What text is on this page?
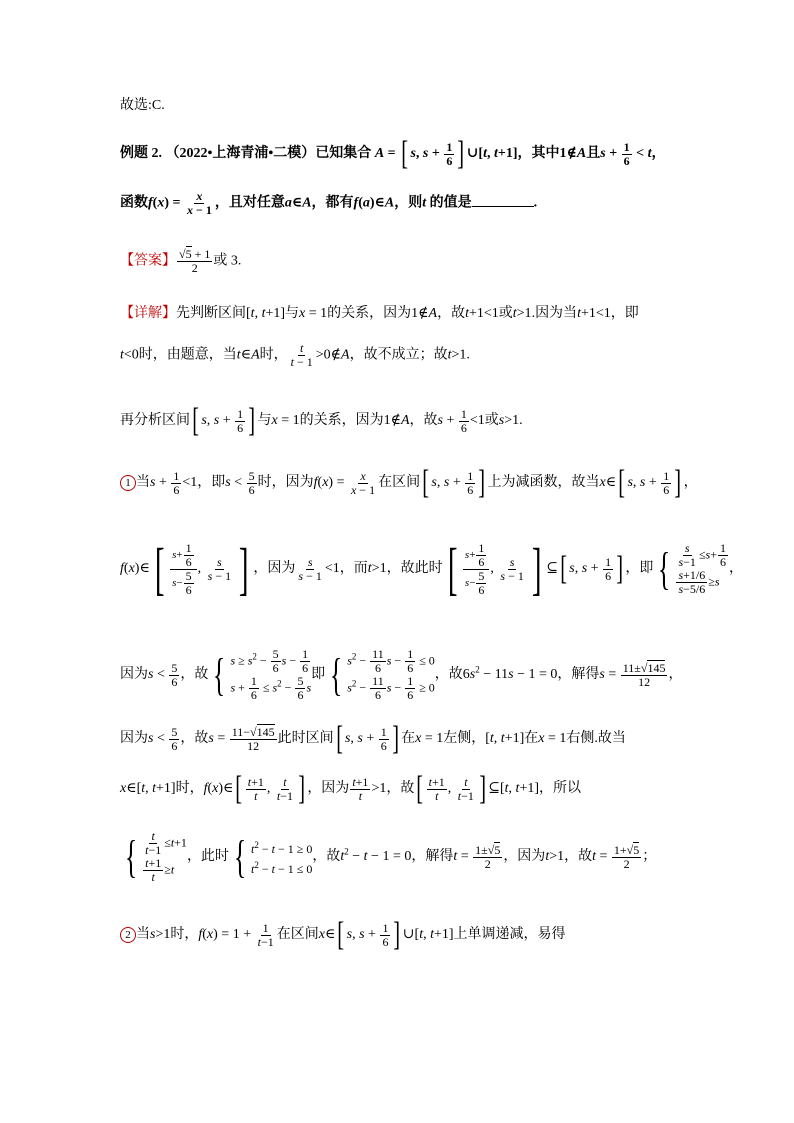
故选:C.
例题 2. （2022•上海青浦•二模）已知集合 A = [ s, $s + \frac{1}{6}$ ] ∪[t, t+1]，其中1∉A且$s + \frac{1}{6} < t$，
函数$f(x) = \frac{x}{x - 1}$ ，且对任意a∈A，都有f(a)∈A，则t 的值是	.
【答案】 $\frac{√5 + 1}{2}$ 或 3.
【详解】先判断区间[t, t+1]与x = 1的关系，因为1∉A，故t+1<1或t>1.因为当t+1<1，即
t<0时，由题意，当t∈A时， $\frac{t}{t - 1}$ >0∉A，故不成立；故t>1.
再分析区间[ s, $s + \frac{1}{6}$ ] 与x = 1的关系，因为1∉A，故$s + \frac{1}{6} <1$或s>1.
1 当$s + \frac{1}{6} <1$，即$s < \frac{5}{6}$ 时，因为$f(x) = \frac{x}{x - 1}$ 在区间[ s, $s + \frac{1}{6}$ ] 上为减函数，故当x∈[ s, $s + \frac{1}{6}$ ] ，
f(x)∈[ $\frac{s+ \frac{1}{6}}{s- \frac{5}{6}}$ , $\frac{s}{s - 1}$ ] ，因为 $\frac{s}{s - 1} <1$，而t>1，故此时[ $\frac{s+ \frac{1}{6}}{s- \frac{5}{6}}$ , $\frac{s}{s - 1}$ ] ⊆[ s, $s + \frac{1}{6}$ ] ，即 { $\frac{s}{s-1} \le s+ \frac{1}{6}$
$\frac{s+1/6}{s-5/6} \ge s$
，
因为$s < \frac{5}{6}$ ，故 { $s \ge s^2 - \frac{5}{6}$ $s - \frac{1}{6}$
$s + \frac{1}{6} \le s^2 - \frac{5}{6}$ s
即 { $s^2 - \frac{11}{6}$ $s - \frac{1}{6} \le 0$
$s^2 - \frac{11}{6}$ $s - \frac{1}{6} \ge 0$
，故$6s^2 - 11s - 1 = 0$，解得$s = \frac{11\pm√145}{12}$ ，
因为$s < \frac{5}{6}$ ，故$s = \frac{11-√145}{12}$ 此时区间[ s, $s + \frac{1}{6}$ ] 在x = 1左侧，[t, t+1]在x = 1右侧.故当
x∈[t, t+1]时，f(x)∈[ $\frac{t+1}{t}$ , $\frac{t}{t-1}$ ] ，因为 $\frac{t+1}{t} >1$，故[ $\frac{t+1}{t}$ , $\frac{t}{t-1}$ ] ⊆[t, t+1]，所以
{ $\frac{t}{t-1} \le t+1$
$\frac{t+1}{t} \ge t$
，此时 { $t^2 - t - 1 \ge 0$
$t^2 - t - 1 \le 0$
，故$t^2 - t - 1 = 0$，解得$t = \frac{1\pm√5}{2}$ ，因为t>1，故$t = \frac{1+√5}{2}$ ；
2 当s>1时，$f(x) = 1 + \frac{1}{t-1}$ 在区间x∈[ s, $s + \frac{1}{6}$ ] ∪[t, t+1]上单调递减，易得
